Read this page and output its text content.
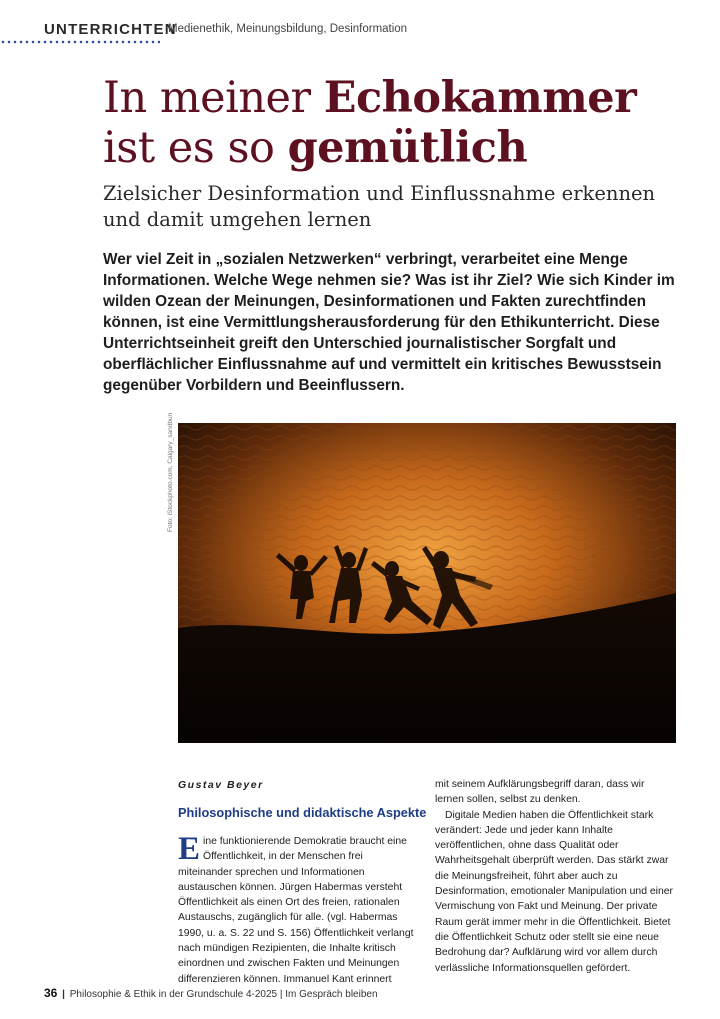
UNTERRICHTEN
Medienethik, Meinungsbildung, Desinformation
In meiner Echokammer
ist es so gemütlich
Zielsicher Desinformation und Einflussnahme erkennen und damit umgehen lernen

Wer viel Zeit in „sozialen Netzwerken“ verbringt, verarbeitet eine Menge Informationen. Welche Wege nehmen sie? Was ist ihr Ziel? Wie sich Kinder im wilden Ozean der Meinungen, Desinformationen und Fakten zurechtfinden können, ist eine Vermittlungsherausforderung für den Ethikunterricht. Diese Unterrichtseinheit greift den Unterschied journalistischer Sorgfalt und oberflächlicher Einflussnahme auf und vermittelt ein kritisches Bewusstsein gegenüber Vorbildern und Beeinflussern.

Foto: iStockphoto.com, Calgary_sandbun
Gustav Beyer
Philosophische und didaktische Aspekte

Eine funktionierende Demokratie braucht eine Öffentlichkeit, in der Menschen frei miteinander sprechen und Informationen austauschen können. Jürgen Habermas versteht Öffentlichkeit als einen Ort des freien, rationalen Austauschs, zugänglich für alle. (vgl. Habermas 1990, u. a. S. 22 und S. 156) Öffentlichkeit verlangt nach mündigen Rezipienten, die Inhalte kritisch einordnen und zwischen Fakten und Meinungen differenzieren können. Immanuel Kant erinnert

mit seinem Aufklärungsbegriff daran, dass wir lernen sollen, selbst zu denken.

Digitale Medien haben die Öffentlichkeit stark verändert: Jede und jeder kann Inhalte veröffentlichen, ohne dass Qualität oder Wahrheitsgehalt überprüft werden. Das stärkt zwar die Meinungsfreiheit, führt aber auch zu Desinformation, emotionaler Manipulation und einer Vermischung von Fakt und Meinung. Der private Raum gerät immer mehr in die Öffentlichkeit. Bietet die Öffentlichkeit Schutz oder stellt sie eine neue Bedrohung dar? Aufklärung wird vor allem durch verlässliche Informationsquellen gefördert.

36 | Philosophie & Ethik in der Grundschule 4-2025 | Im Gespräch bleiben
